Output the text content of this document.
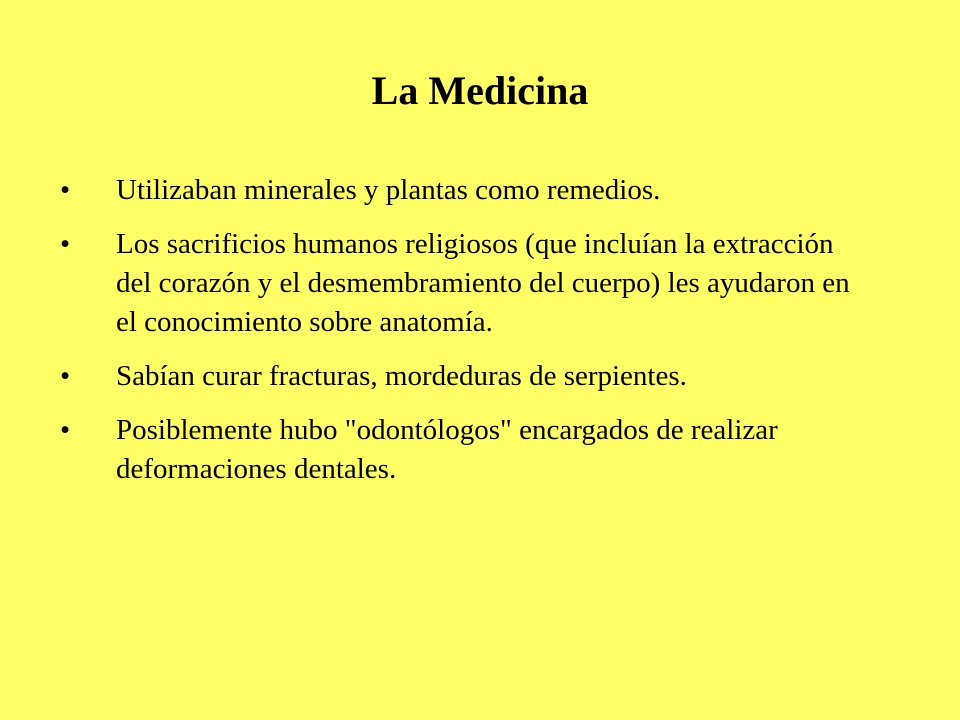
La Medicina
•	Utilizaban minerales y plantas como remedios.
•	Los sacrificios humanos religiosos (que incluían la extracción del corazón y el desmembramiento del cuerpo) les ayudaron en el conocimiento sobre anatomía.
•	Sabían curar fracturas, mordeduras de serpientes.
•	Posiblemente hubo "odontólogos" encargados de realizar deformaciones dentales.
